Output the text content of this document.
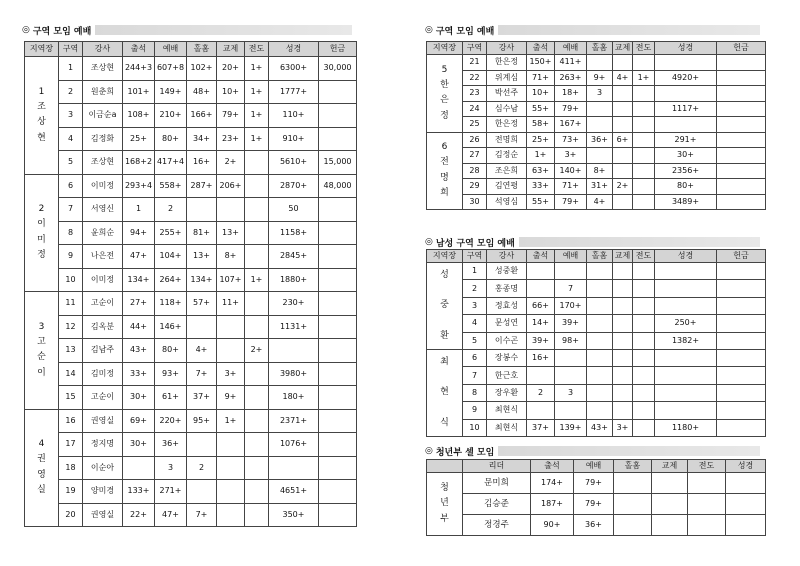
◎ 구역 모임 예배
지역장	구역	강사	출석	예배	홀홈	교제	전도	성경	헌금

1
조
상
현	1	조상현	244+3	607+8	102+	20+	1+	6300+	30,000
	2	원춘희	101+	149+	48+	10+	1+	1777+	
	3	이금순a	108+	210+	166+	79+	1+	110+	
	4	김정화	25+	80+	34+	23+	1+	910+	
	5	조상현	168+2	417+4	16+	2+		5610+	15,000

2
이
미
정	6	이미정	293+4	558+	287+	206+		2870+	48,000
	7	서영신	1	2				50	
	8	윤희순	94+	255+	81+	13+		1158+	
	9	나은전	47+	104+	13+	8+		2845+	
	10	이미정	134+	264+	134+	107+	1+	1880+	

3
고
순
이	11	고순이	27+	118+	57+	11+		230+	
	12	김옥분	44+	146+				1131+	
	13	김남주	43+	80+	4+		2+		
	14	김미정	33+	93+	7+	3+		3980+	
	15	고순이	30+	61+	37+	9+		180+	

4
권
영
실	16	권영실	69+	220+	95+	1+		2371+	
	17	정지명	30+	36+				1076+	
	18	이순아		3	2				
	19	양미경	133+	271+				4651+	
	20	권영실	22+	47+	7+			350+	
◎ 구역 모임 예배
지역장	구역	강사	출석	예배	홀홈	교제	전도	성경	헌금

5
한
은
정	21	한은정	150+	411+					
	22	위계심	71+	263+	9+	4+	1+	4920+	
	23	박선주	10+	18+	3				
	24	심수남	55+	79+				1117+	
	25	한은정	58+	167+					

6
전
명
희	26	전명희	25+	73+	36+	6+		291+	
	27	김정순	1+	3+				30+	
	28	조은희	63+	140+	8+			2356+	
	29	김연평	33+	71+	31+	2+		80+	
	30	석영심	55+	79+	4+			3489+	
◎ 남성 구역 모임 예배
지역장	구역	강사	출석	예배	홀홈	교제	전도	성경	헌금

성

중

환	1	성중환							
	2	홍종명		7					
	3	정효성	66+	170+					
	4	문성연	14+	39+				250+	
	5	이수곤	39+	98+				1382+	

최

현

식	6	장봉수	16+						
	7	한근호							
	8	장우환	2	3					
	9	최현식							
	10	최현식	37+	139+	43+	3+		1180+	
◎ 청년부 셀 모임
	리더	출석	예배	홀홈	교제	전도	성경

청
년
부	문미희	174+	79+				
	김승준	187+	79+				
	정경주	90+	36+				
